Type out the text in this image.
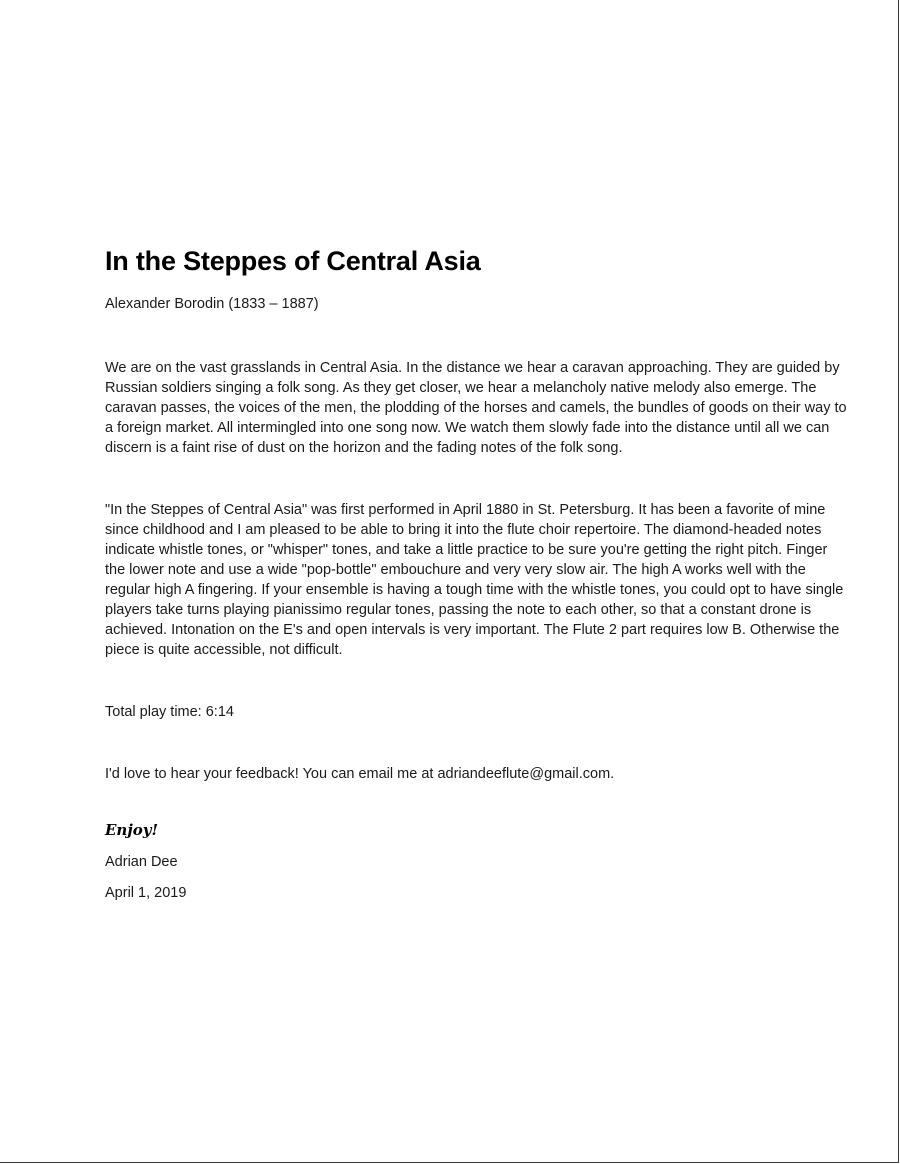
In the Steppes of Central Asia

Alexander Borodin (1833 – 1887)

We are on the vast grasslands in Central Asia. In the distance we hear a caravan approaching. They are guided by Russian soldiers singing a folk song. As they get closer, we hear a melancholy native melody also emerge. The caravan passes, the voices of the men, the plodding of the horses and camels, the bundles of goods on their way to a foreign market. All intermingled into one song now. We watch them slowly fade into the distance until all we can discern is a faint rise of dust on the horizon and the fading notes of the folk song.

"In the Steppes of Central Asia" was first performed in April 1880 in St. Petersburg. It has been a favorite of mine since childhood and I am pleased to be able to bring it into the flute choir repertoire. The diamond-headed notes indicate whistle tones, or "whisper" tones, and take a little practice to be sure you're getting the right pitch. Finger the lower note and use a wide "pop-bottle" embouchure and very very slow air. The high A works well with the regular high A fingering. If your ensemble is having a tough time with the whistle tones, you could opt to have single players take turns playing pianissimo regular tones, passing the note to each other, so that a constant drone is achieved. Intonation on the E's and open intervals is very important. The Flute 2 part requires low B. Otherwise the piece is quite accessible, not difficult.

Total play time: 6:14

I'd love to hear your feedback! You can email me at adriandeeflute@gmail.com.

Enjoy!

Adrian Dee

April 1, 2019
